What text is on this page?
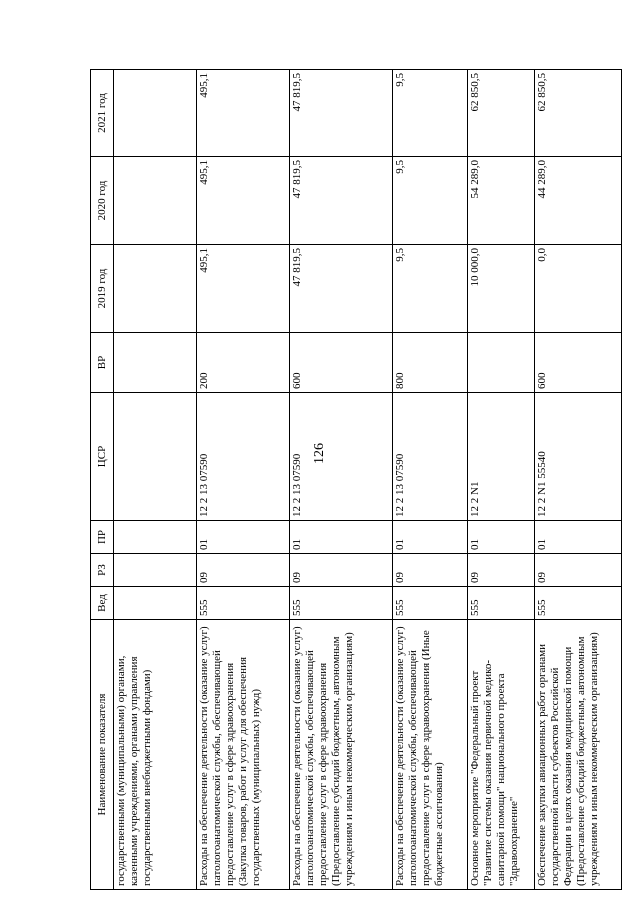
126
Наименование показателя	Вед	РЗ	ПР	ЦСР	ВР	2019 год	2020 год	2021 год
государственными (муниципальными) органами, казенными учреждениями, органами управления государственными внебюджетными фондами)								
Расходы на обеспечение деятельности (оказание услуг) патологоанатомической службы, обеспечивающей предоставление услуг в сфере здравоохранения (Закупка товаров, работ и услуг для обеспечения государственных (муниципальных) нужд)	555	09	01	12 2 13 07590	200	495,1	495,1	495,1
Расходы на обеспечение деятельности (оказание услуг) патологоанатомической службы, обеспечивающей предоставление услуг в сфере здравоохранения (Предоставление субсидий бюджетным, автономным учреждениям и иным некоммерческим организациям)	555	09	01	12 2 13 07590	600	47 819,5	47 819,5	47 819,5
Расходы на обеспечение деятельности (оказание услуг) патологоанатомической службы, обеспечивающей предоставление услуг в сфере здравоохранения (Иные бюджетные ассигнования)	555	09	01	12 2 13 07590	800	9,5	9,5	9,5
Основное мероприятие "Федеральный проект "Развитие системы оказания первичной медико-санитарной помощи" национального проекта "Здравоохранение"	555	09	01	12 2 N1		10 000,0	54 289,0	62 850,5
Обеспечение закупки авиационных работ органами государственной власти субъектов Российской Федерации в целях оказания медицинской помощи (Предоставление субсидий бюджетным, автономным учреждениям и иным некоммерческим организациям)	555	09	01	12 2 N1 55540	600	0,0	44 289,0	62 850,5
